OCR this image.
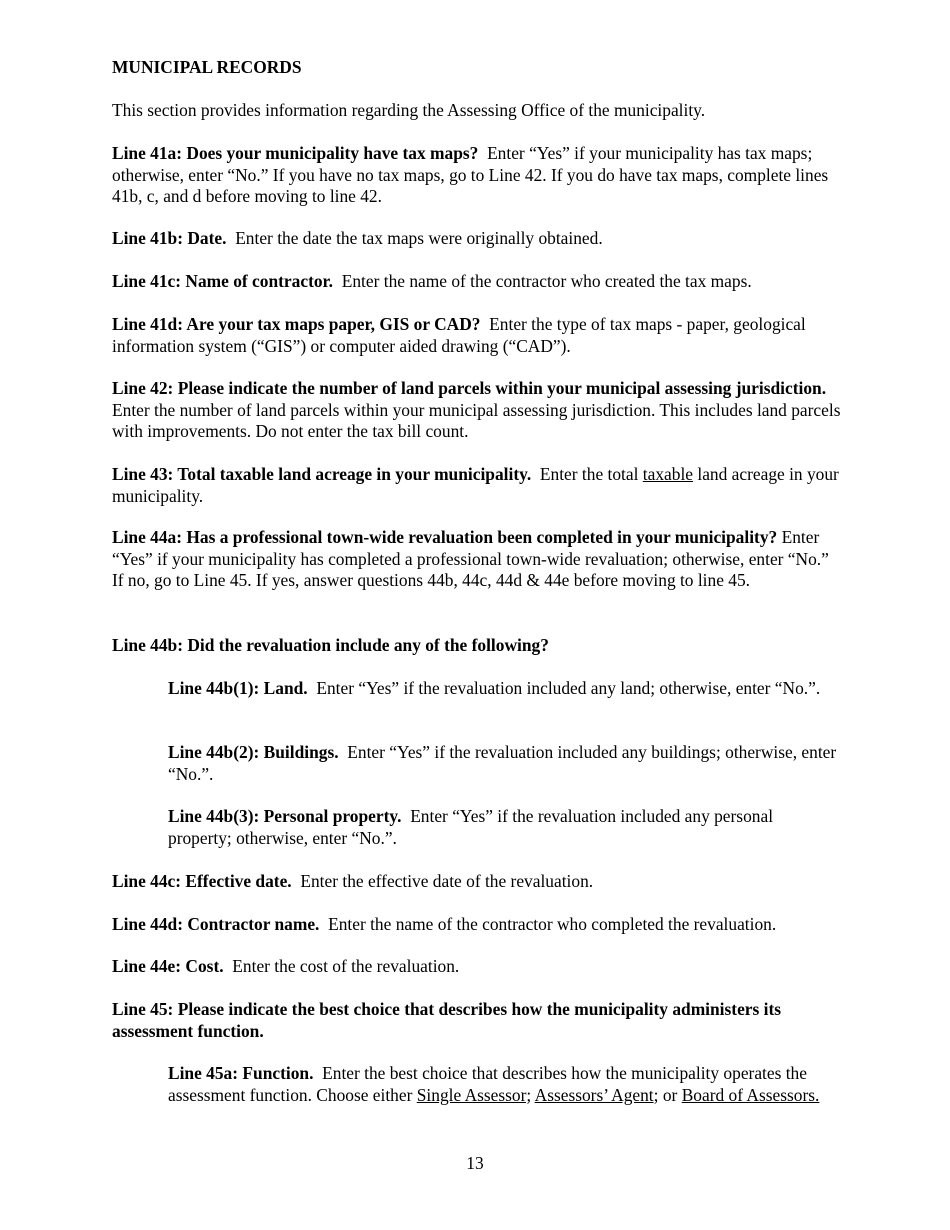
MUNICIPAL RECORDS

This section provides information regarding the Assessing Office of the municipality.

Line 41a: Does your municipality have tax maps? Enter “Yes” if your municipality has tax maps; otherwise, enter “No.” If you have no tax maps, go to Line 42. If you do have tax maps, complete lines 41b, c, and d before moving to line 42.

Line 41b: Date. Enter the date the tax maps were originally obtained.

Line 41c: Name of contractor. Enter the name of the contractor who created the tax maps.

Line 41d: Are your tax maps paper, GIS or CAD? Enter the type of tax maps - paper, geological information system (“GIS”) or computer aided drawing (“CAD”).

Line 42: Please indicate the number of land parcels within your municipal assessing jurisdiction.  Enter the number of land parcels within your municipal assessing jurisdiction. This includes land parcels with improvements. Do not enter the tax bill count.

Line 43: Total taxable land acreage in your municipality. Enter the total taxable land acreage in your municipality.

Line 44a: Has a professional town-wide revaluation been completed in your municipality? Enter “Yes” if your municipality has completed a professional town-wide revaluation; otherwise, enter “No.” If no, go to Line 45. If yes, answer questions 44b, 44c, 44d & 44e before moving to line 45.

Line 44b: Did the revaluation include any of the following?

Line 44b(1): Land. Enter “Yes” if the revaluation included any land; otherwise, enter “No.”.

Line 44b(2): Buildings. Enter “Yes” if the revaluation included any buildings; otherwise, enter “No.”.

Line 44b(3): Personal property. Enter “Yes” if the revaluation included any personal property; otherwise, enter “No.”.

Line 44c: Effective date. Enter the effective date of the revaluation.

Line 44d: Contractor name. Enter the name of the contractor who completed the revaluation.

Line 44e: Cost. Enter the cost of the revaluation.

Line 45: Please indicate the best choice that describes how the municipality administers its assessment function.

Line 45a: Function. Enter the best choice that describes how the municipality operates the assessment function. Choose either Single Assessor; Assessors’ Agent; or Board of Assessors.

13
